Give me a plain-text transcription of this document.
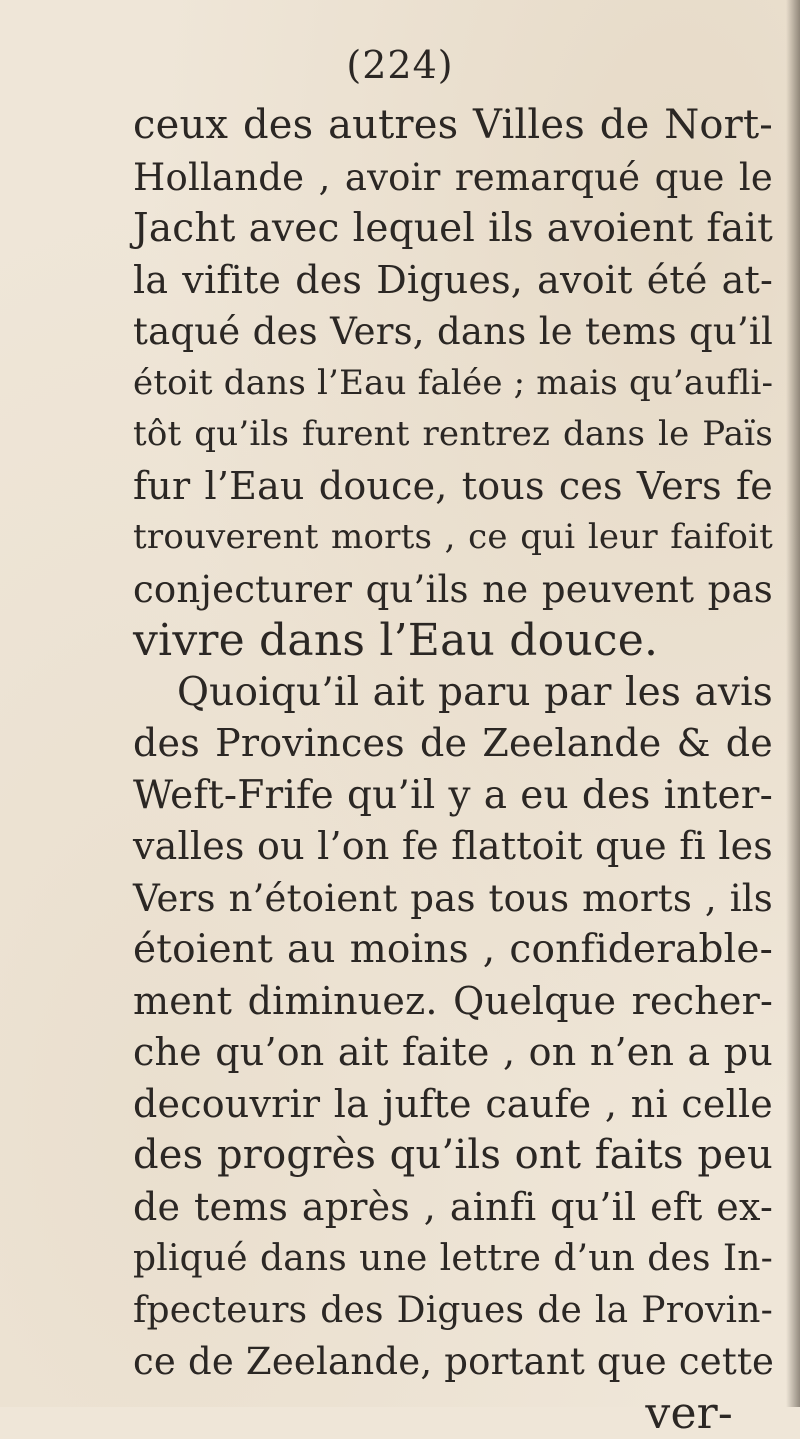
(224)
ceux des autres Villes de Nort-
Hollande , avoir remarqué que le
Jacht avec lequel ils avoient fait
la vifite des Digues, avoit été at-
taqué des Vers, dans le tems qu’il
étoit dans l’Eau falée ; mais qu’aufli-
tôt qu’ils furent rentrez dans le Païs
fur l’Eau douce, tous ces Vers fe
trouverent morts , ce qui leur faifoit
conjecturer qu’ils ne peuvent pas
vivre dans l’Eau douce.
Quoiqu’il ait paru par les avis
des Provinces de Zeelande & de
Weft-Frife qu’il y a eu des inter-
valles ou l’on fe flattoit que fi les
Vers n’étoient pas tous morts , ils
étoient au moins , confiderable-
ment diminuez. Quelque recher-
che qu’on ait faite , on n’en a pu
decouvrir la jufte caufe , ni celle
des progrès qu’ils ont faits peu
de tems après , ainfi qu’il eft ex-
pliqué dans une lettre d’un des In-
fpecteurs des Digues de la Provin-
ce de Zeelande, portant que cette
ver-
